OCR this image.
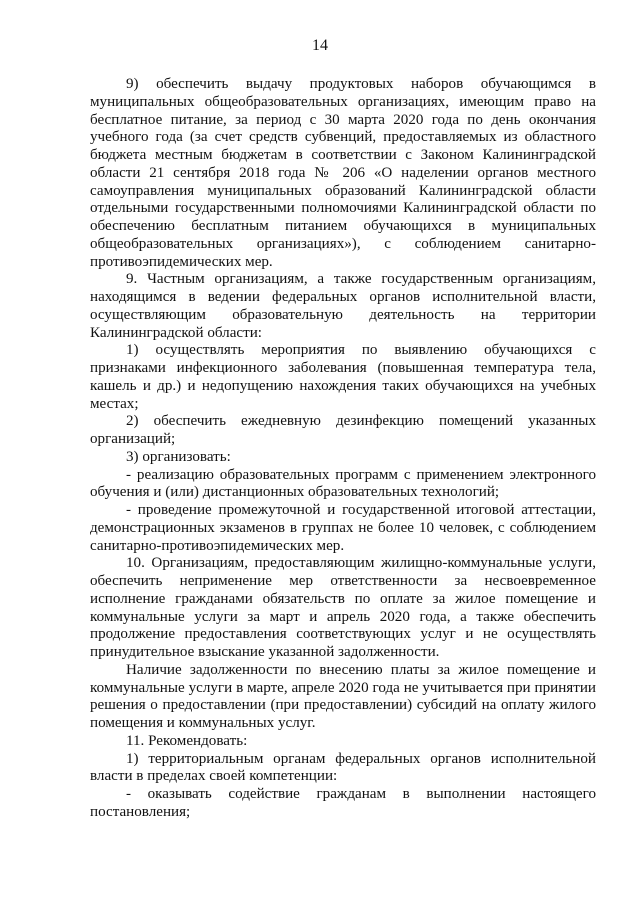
14

9) обеспечить выдачу продуктовых наборов обучающимся в муниципальных общеобразовательных организациях, имеющим право на бесплатное питание, за период с 30 марта 2020 года по день окончания учебного года (за счет средств субвенций, предоставляемых из областного бюджета местным бюджетам в соответствии с Законом Калининградской области 21 сентября 2018 года № 206 «О наделении органов местного самоуправления муниципальных образований Калининградской области отдельными государственными полномочиями Калининградской области по обеспечению бесплатным питанием обучающихся в муниципальных общеобразовательных организациях»), с соблюдением санитарно-противоэпидемических мер.

9. Частным организациям, а также государственным организациям, находящимся в ведении федеральных органов исполнительной власти, осуществляющим образовательную деятельность на территории Калининградской области:

1) осуществлять мероприятия по выявлению обучающихся с признаками инфекционного заболевания (повышенная температура тела, кашель и др.) и недопущению нахождения таких обучающихся на учебных местах;

2) обеспечить ежедневную дезинфекцию помещений указанных организаций;

3) организовать:

- реализацию образовательных программ с применением электронного обучения и (или) дистанционных образовательных технологий;

- проведение промежуточной и государственной итоговой аттестации, демонстрационных экзаменов в группах не более 10 человек, с соблюдением санитарно-противоэпидемических мер.

10. Организациям, предоставляющим жилищно-коммунальные услуги, обеспечить неприменение мер ответственности за несвоевременное исполнение гражданами обязательств по оплате за жилое помещение и коммунальные услуги за март и апрель 2020 года, а также обеспечить продолжение предоставления соответствующих услуг и не осуществлять принудительное взыскание указанной задолженности.

Наличие задолженности по внесению платы за жилое помещение и коммунальные услуги в марте, апреле 2020 года не учитывается при принятии решения о предоставлении (при предоставлении) субсидий на оплату жилого помещения и коммунальных услуг.

11. Рекомендовать:

1) территориальным органам федеральных органов исполнительной власти в пределах своей компетенции:

- оказывать содействие гражданам в выполнении настоящего постановления;
